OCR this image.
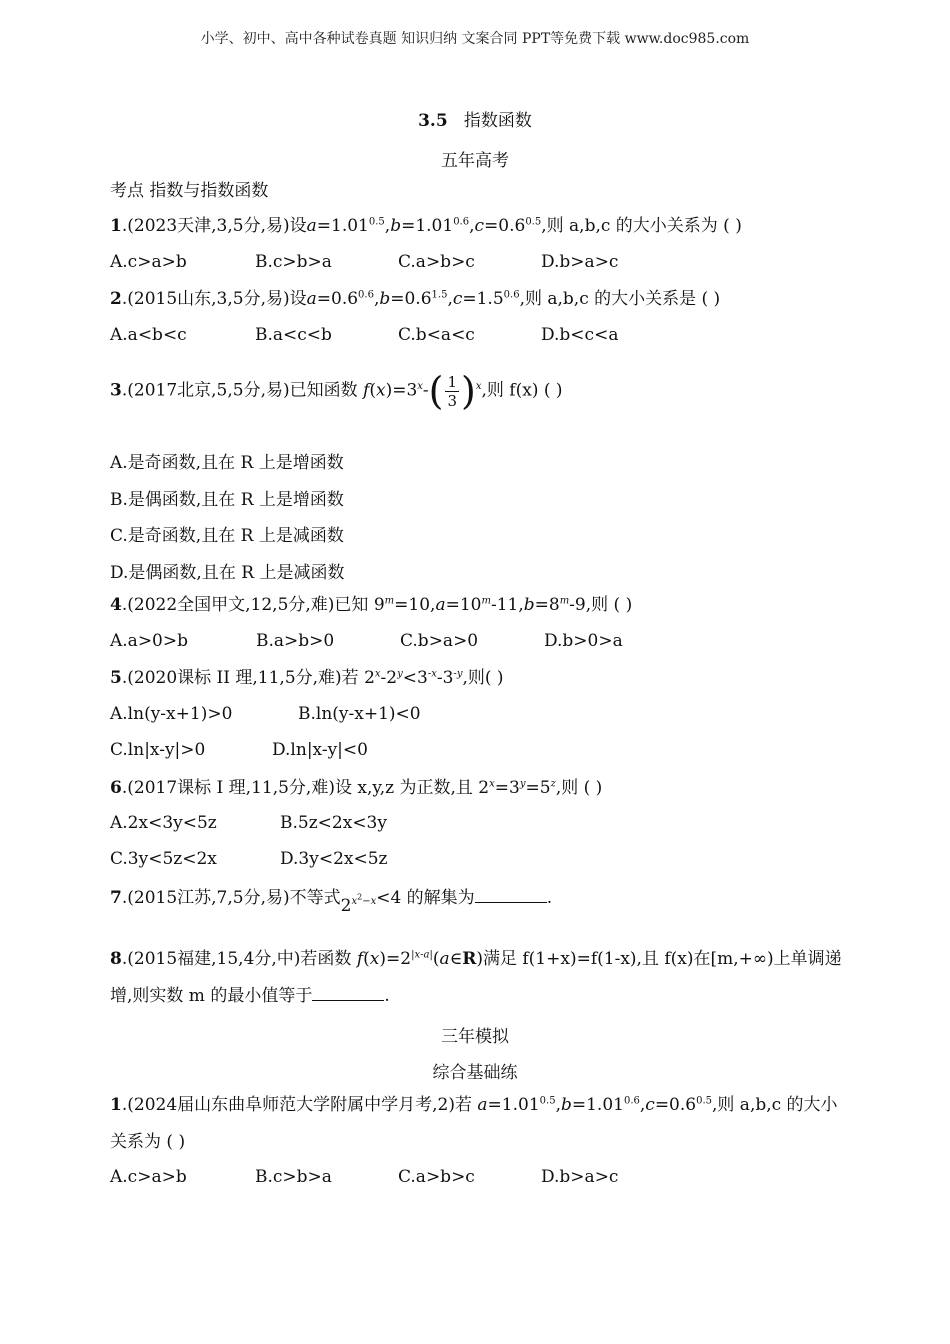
小学、初中、高中各种试卷真题 知识归纳 文案合同 PPT等免费下载 www.doc985.com
3.5 指数函数
五年高考
考点 指数与指数函数
1.(2023天津,3,5分,易)设$a=1.01^{0.5},b=1.01^{0.6},c=0.6^{0.5}$,则 a,b,c 的大小关系为 ( )
A.c>a>b	B.c>b>a	C.a>b>c	D.b>a>c
2.(2015山东,3,5分,易)设$a=0.6^{0.6},b=0.6^{1.5},c=1.5^{0.6}$,则 a,b,c 的大小关系是 ( )
A.a<b<c	B.a<c<b	C.b<a<c	D.b<c<a
3.(2017北京,5,5分,易)已知函数 $f(x)=3^x-( \frac{1}{3} )^x$,则 f(x) ( )
A.是奇函数,且在 R 上是增函数
B.是偶函数,且在 R 上是增函数
C.是奇函数,且在 R 上是减函数
D.是偶函数,且在 R 上是减函数
4.(2022全国甲文,12,5分,难)已知 $9^m=10,a=10^m-11,b=8^m-9$,则 ( )
A.a>0>b	B.a>b>0	C.b>a>0	D.b>0>a
5.(2020课标 II 理,11,5分,难)若 $2^x-2^y<3^{-x}-3^{-y}$,则( )
A.ln(y-x+1)>0	B.ln(y-x+1)<0
C.ln|x-y|>0	D.ln|x-y|<0
6.(2017课标 I 理,11,5分,难)设 x,y,z 为正数,且 $2^x=3^y=5^z$,则 ( )
A.2x<3y<5z	B.5z<2x<3y
C.3y<5z<2x	D.3y<2x<5z
7.(2015江苏,7,5分,易)不等式$2^{x^2-x}<4$ 的解集为	.
8.(2015福建,15,4分,中)若函数 $f(x)=2^{|x-a|}(a\in R)$满足 f(1+x)=f(1-x),且 f(x)在[m,+∞)上单调递
增,则实数 m 的最小值等于	.
三年模拟
综合基础练
1.(2024届山东曲阜师范大学附属中学月考,2)若 $a=1.01^{0.5},b=1.01^{0.6},c=0.6^{0.5}$,则 a,b,c 的大小
关系为 ( )
A.c>a>b	B.c>b>a	C.a>b>c	D.b>a>c
